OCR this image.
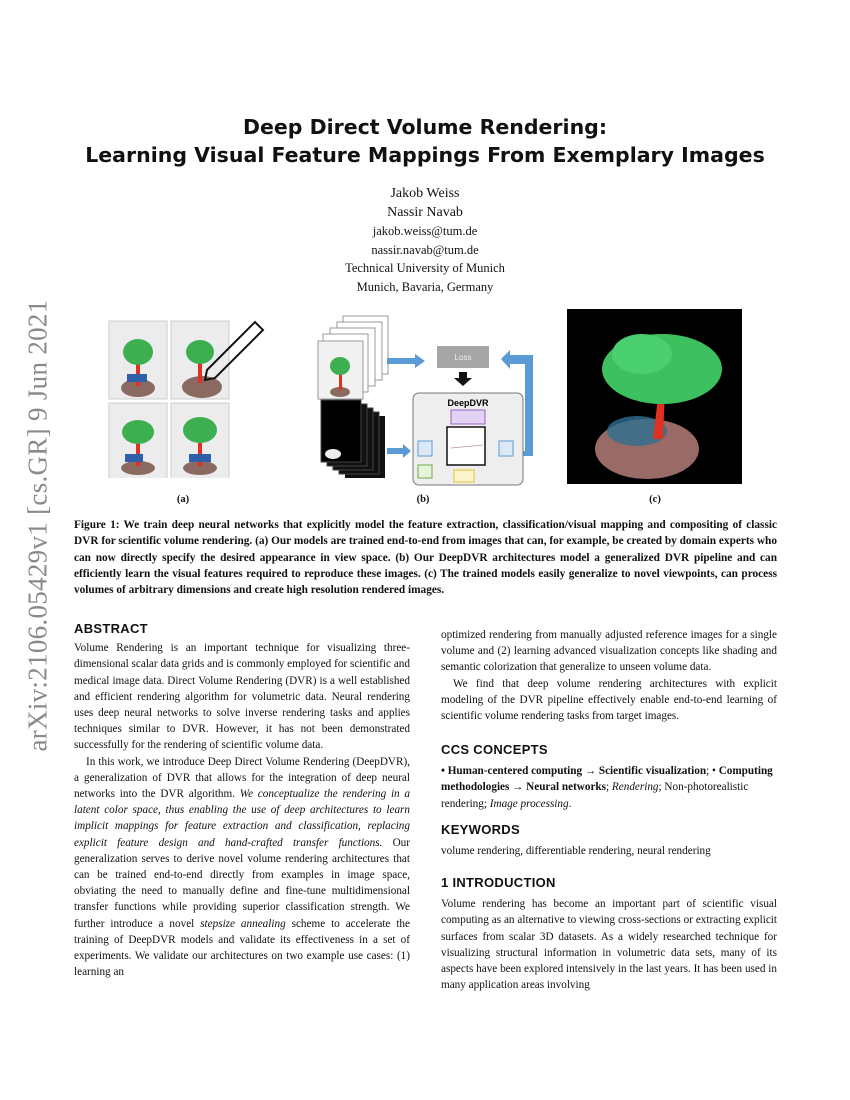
arXiv:2106.05429v1 [cs.GR] 9 Jun 2021
Deep Direct Volume Rendering:
Learning Visual Feature Mappings From Exemplary Images
Jakob Weiss
Nassir Navab
jakob.weiss@tum.de
nassir.navab@tum.de
Technical University of Munich
Munich, Bavaria, Germany
Loss
DeepDVR
(a)	(b)	(c)
Figure 1: We train deep neural networks that explicitly model the feature extraction, classification/visual mapping and compositing of classic DVR for scientific volume rendering. (a) Our models are trained end-to-end from images that can, for example, be created by domain experts who can now directly specify the desired appearance in view space. (b) Our DeepDVR architectures model a generalized DVR pipeline and can efficiently learn the visual features required to reproduce these images. (c) The trained models easily generalize to novel viewpoints, can process volumes of arbitrary dimensions and create high resolution rendered images.
ABSTRACT

Volume Rendering is an important technique for visualizing three-dimensional scalar data grids and is commonly employed for scientific and medical image data. Direct Volume Rendering (DVR) is a well established and efficient rendering algorithm for volumetric data. Neural rendering uses deep neural networks to solve inverse rendering tasks and applies techniques similar to DVR. However, it has not been demonstrated successfully for the rendering of scientific volume data.

In this work, we introduce Deep Direct Volume Rendering (DeepDVR), a generalization of DVR that allows for the integration of deep neural networks into the DVR algorithm. We conceptualize the rendering in a latent color space, thus enabling the use of deep architectures to learn implicit mappings for feature extraction and classification, replacing explicit feature design and hand-crafted transfer functions. Our generalization serves to derive novel volume rendering architectures that can be trained end-to-end directly from examples in image space, obviating the need to manually define and fine-tune multidimensional transfer functions while providing superior classification strength. We further introduce a novel stepsize annealing scheme to accelerate the training of DeepDVR models and validate its effectiveness in a set of experiments. We validate our architectures on two example use cases: (1) learning an

optimized rendering from manually adjusted reference images for a single volume and (2) learning advanced visualization concepts like shading and semantic colorization that generalize to unseen volume data.

We find that deep volume rendering architectures with explicit modeling of the DVR pipeline effectively enable end-to-end learning of scientific volume rendering tasks from target images.

CCS CONCEPTS

• Human-centered computing → Scientific visualization; • Computing methodologies → Neural networks; Rendering; Non-photorealistic rendering; Image processing.

KEYWORDS

volume rendering, differentiable rendering, neural rendering

1 INTRODUCTION

Volume rendering has become an important part of scientific visual computing as an alternative to viewing cross-sections or extracting explicit surfaces from scalar 3D datasets. As a widely researched technique for visualizing structural information in volumetric data sets, many of its aspects have been explored intensively in the last years. It has been used in many application areas involving
